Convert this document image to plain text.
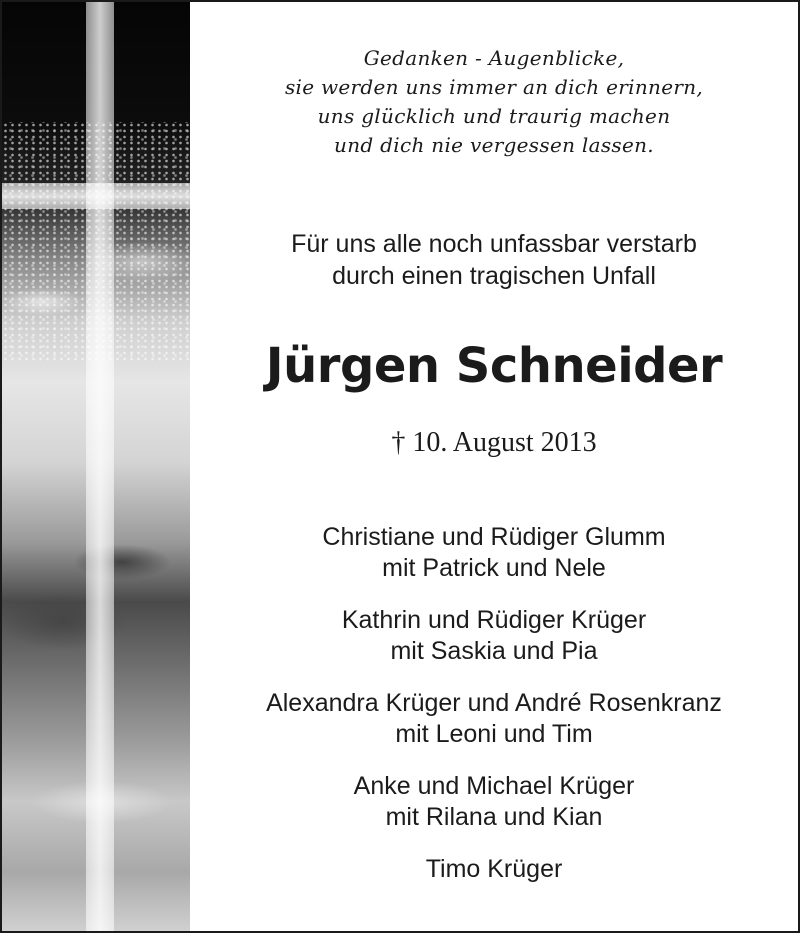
Gedanken - Augenblicke,
sie werden uns immer an dich erinnern,
uns glücklich und traurig machen
und dich nie vergessen lassen.
Für uns alle noch unfassbar verstarb
durch einen tragischen Unfall
Jürgen Schneider
† 10. August 2013
Christiane und Rüdiger Glumm
mit Patrick und Nele
Kathrin und Rüdiger Krüger
mit Saskia und Pia
Alexandra Krüger und André Rosenkranz
mit Leoni und Tim
Anke und Michael Krüger
mit Rilana und Kian
Timo Krüger
